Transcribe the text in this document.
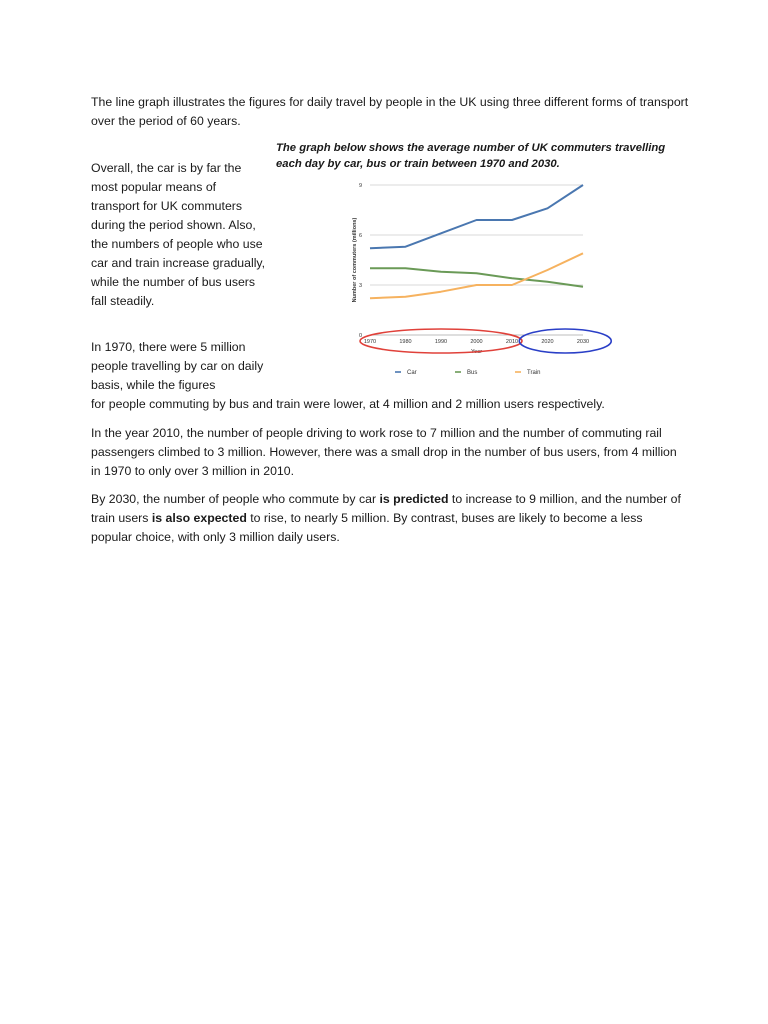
The line graph illustrates the figures for daily travel by people in the UK using three different forms of transport over the period of 60 years.

Overall, the car is by far the most popular means of transport for UK commuters during the period shown. Also, the numbers of people who use car and train increase gradually, while the number of bus users fall steadily.

In 1970, there were 5 million people travelling by car on daily basis, while the figures

for people commuting by bus and train were lower, at 4 million and 2 million users respectively.

In the year 2010, the number of people driving to work rose to 7 million and the number of commuting rail passengers climbed to 3 million. However, there was a small drop in the number of bus users, from 4 million in 1970 to only over 3 million in 2010.

By 2030, the number of people who commute by car is predicted to increase to 9 million, and the number of train users is also expected to rise, to nearly 5 million. By contrast, buses are likely to become a less popular choice, with only 3 million daily users.

The graph below shows the average number of UK commuters travelling each day by car, bus or train between 1970 and 2030.
0
3
6
9
1970	1980	1990	2000	2010	2020	2030
Year
Number of commuters (millions)
Car	Bus	Train
